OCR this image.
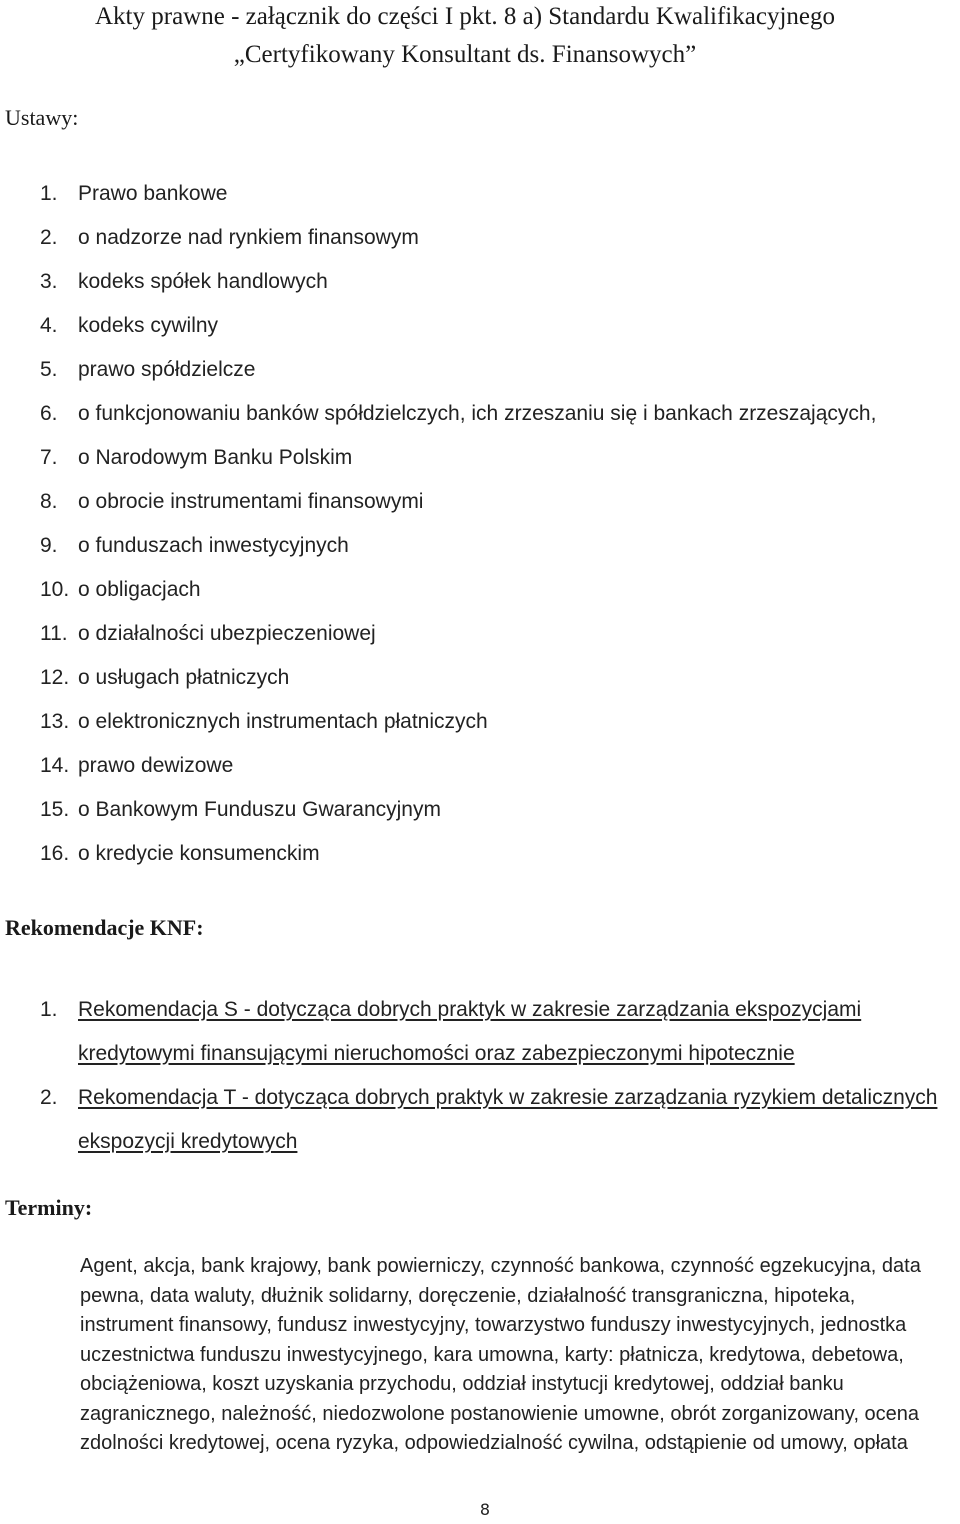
Akty prawne - załącznik do części I pkt. 8 a) Standardu Kwalifikacyjnego
„Certyfikowany Konsultant ds. Finansowych”
Ustawy:
1. Prawo bankowe
2. o nadzorze nad rynkiem finansowym
3. kodeks spółek handlowych
4. kodeks cywilny
5. prawo spółdzielcze
6. o funkcjonowaniu banków spółdzielczych, ich zrzeszaniu się i bankach zrzeszających,
7. o Narodowym Banku Polskim
8. o obrocie instrumentami finansowymi
9. o funduszach inwestycyjnych
10. o obligacjach
11. o działalności ubezpieczeniowej
12. o usługach płatniczych
13. o elektronicznych instrumentach płatniczych
14. prawo dewizowe
15. o Bankowym Funduszu Gwarancyjnym
16. o kredycie konsumenckim
Rekomendacje KNF:
1. Rekomendacja S - dotycząca dobrych praktyk w zakresie zarządzania ekspozycjami kredytowymi finansującymi nieruchomości oraz zabezpieczonymi hipotecznie
2. Rekomendacja T - dotycząca dobrych praktyk w zakresie zarządzania ryzykiem detalicznych ekspozycji kredytowych
Terminy:

Agent, akcja, bank krajowy, bank powierniczy, czynność bankowa, czynność egzekucyjna, data pewna, data waluty, dłużnik solidarny, doręczenie, działalność transgraniczna, hipoteka, instrument finansowy, fundusz inwestycyjny, towarzystwo funduszy inwestycyjnych, jednostka uczestnictwa funduszu inwestycyjnego, kara umowna, karty: płatnicza, kredytowa, debetowa, obciążeniowa, koszt uzyskania przychodu, oddział instytucji kredytowej, oddział banku zagranicznego, należność, niedozwolone postanowienie umowne, obrót zorganizowany, ocena zdolności kredytowej, ocena ryzyka, odpowiedzialność cywilna, odstąpienie od umowy, opłata

8
